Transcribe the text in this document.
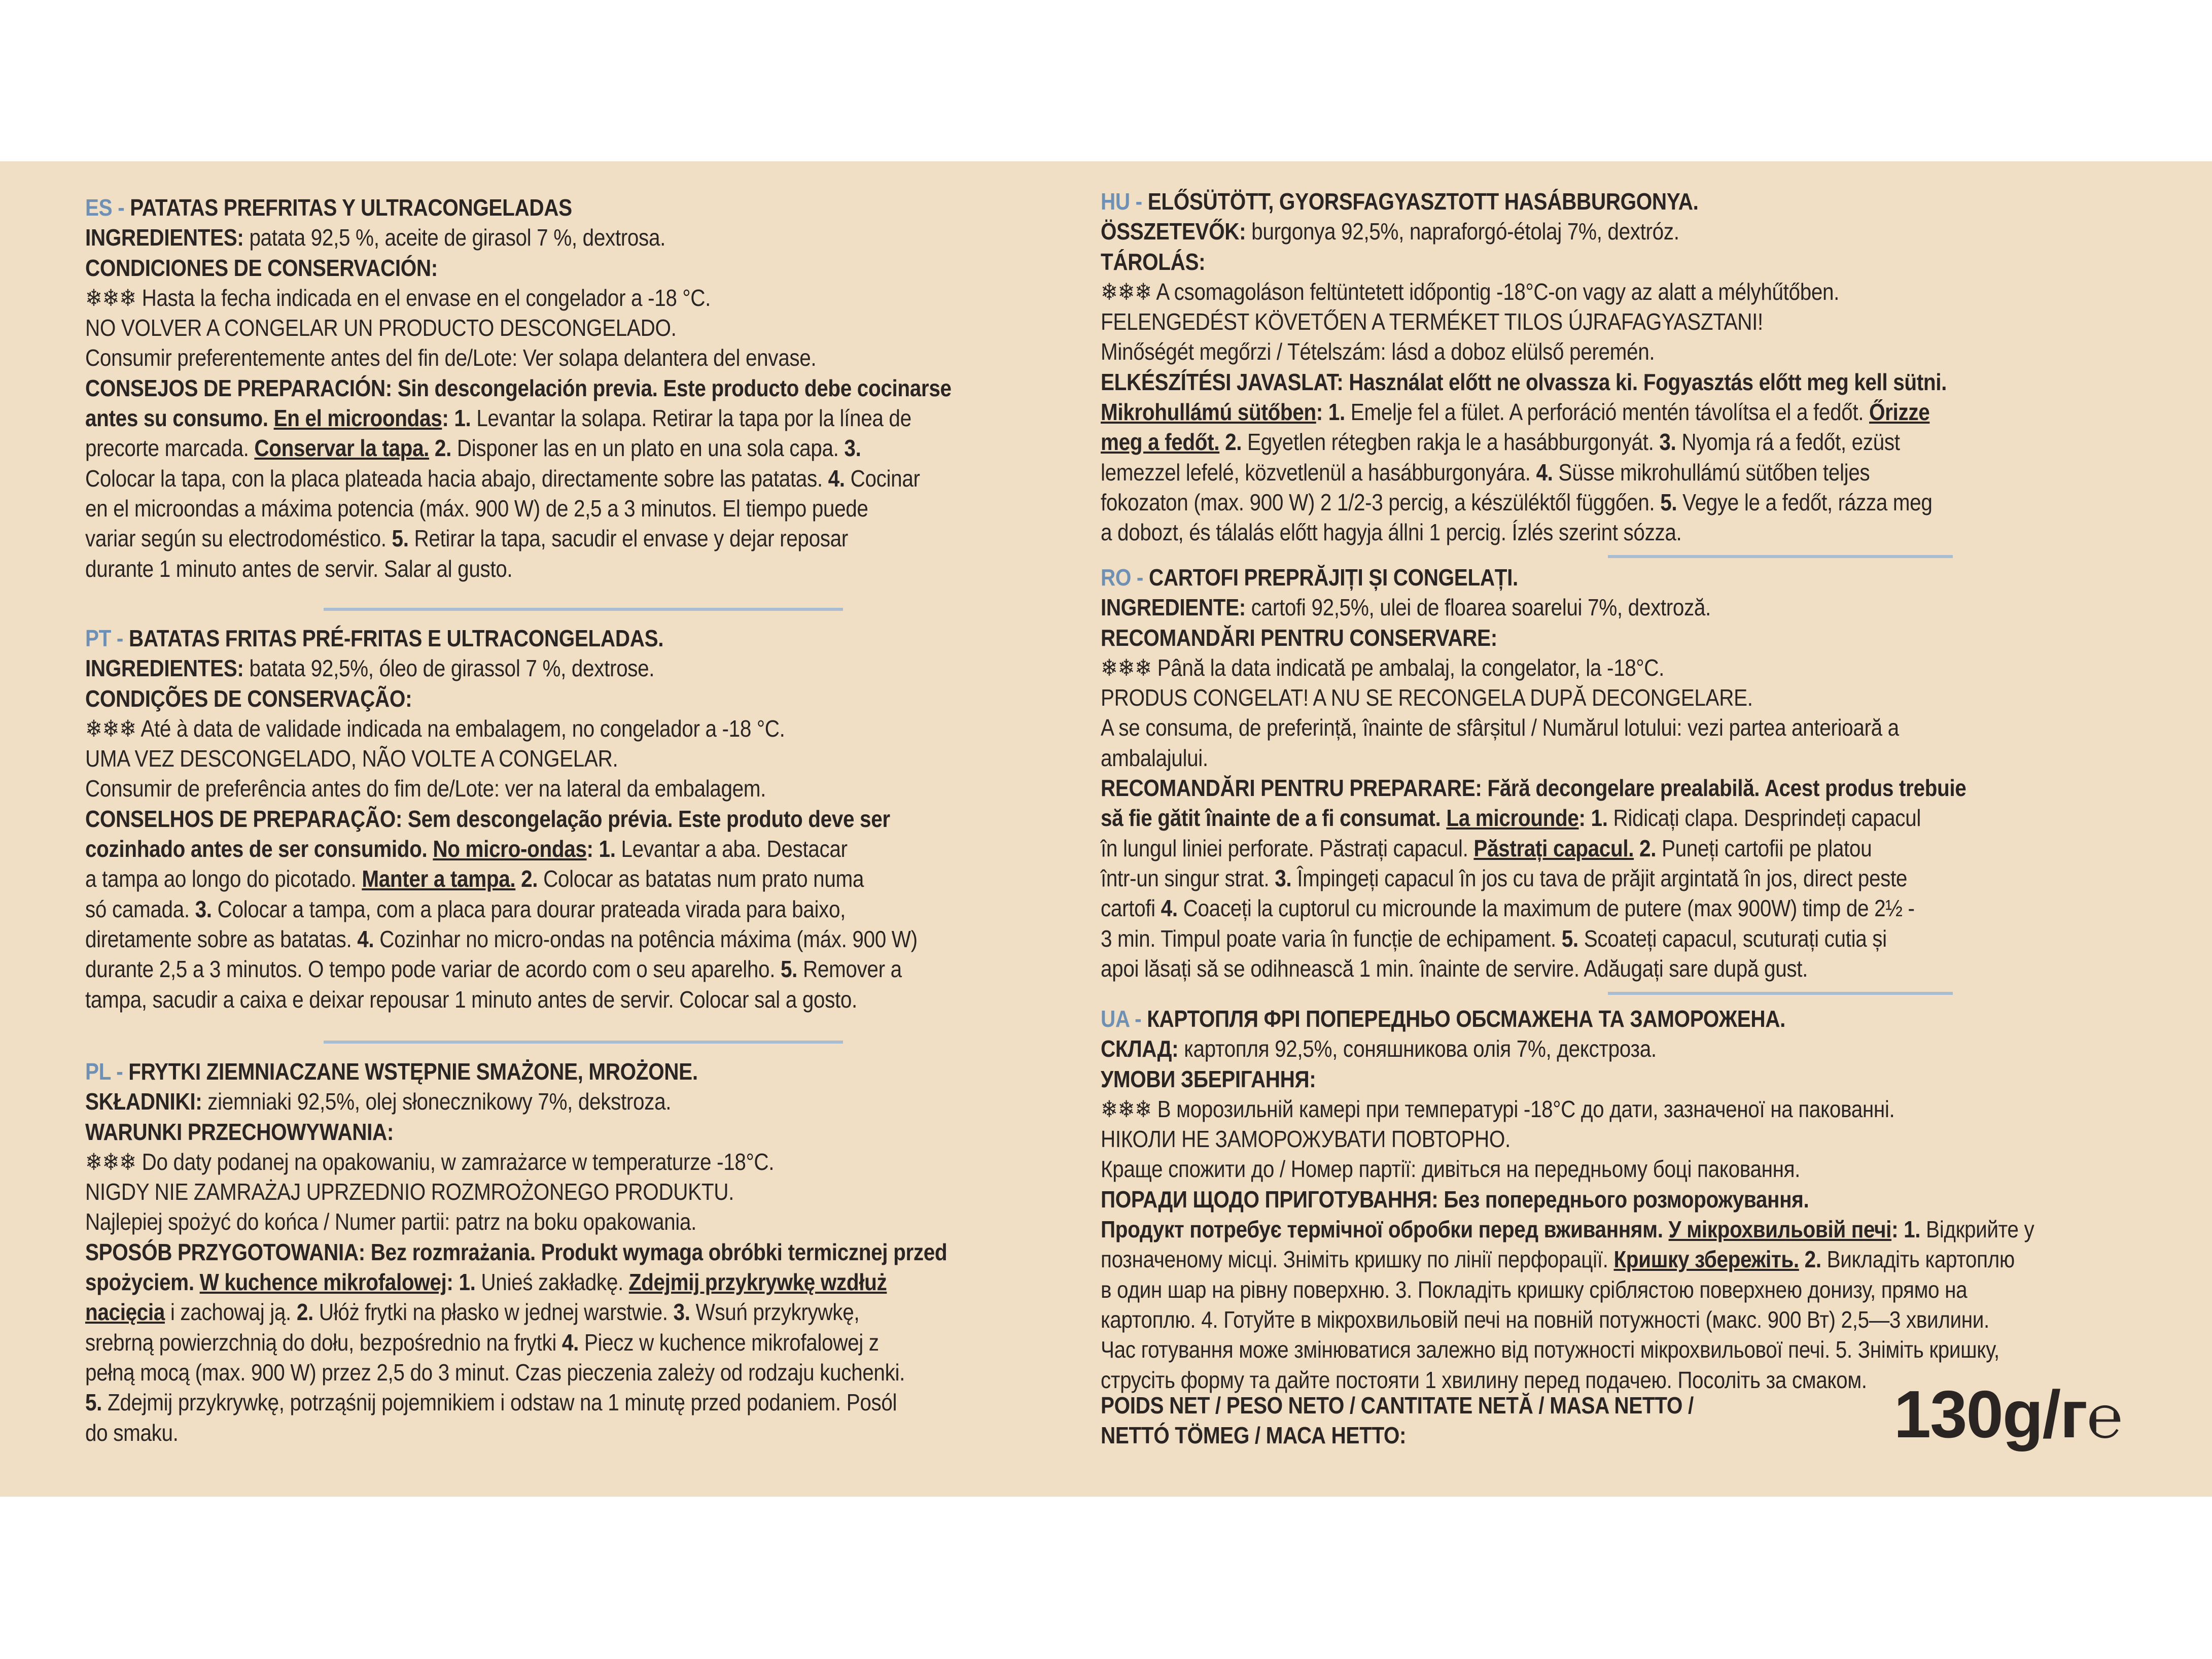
ES - PATATAS PREFRITAS Y ULTRACONGELADAS
INGREDIENTES: patata 92,5 %, aceite de girasol 7 %, dextrosa.
CONDICIONES DE CONSERVACIÓN:
❄❄❄ Hasta la fecha indicada en el envase en el congelador a -18 °C.
NO VOLVER A CONGELAR UN PRODUCTO DESCONGELADO.
Consumir preferentemente antes del fin de/Lote: Ver solapa delantera del envase.
CONSEJOS DE PREPARACIÓN: Sin descongelación previa. Este producto debe cocinarse
antes su consumo. En el microondas: 1. Levantar la solapa. Retirar la tapa por la línea de
precorte marcada. Conservar la tapa. 2. Disponer las en un plato en una sola capa. 3.
Colocar la tapa, con la placa plateada hacia abajo, directamente sobre las patatas. 4. Cocinar
en el microondas a máxima potencia (máx. 900 W) de 2,5 a 3 minutos. El tiempo puede
variar según su electrodoméstico. 5. Retirar la tapa, sacudir el envase y dejar reposar
durante 1 minuto antes de servir. Salar al gusto.
PT - BATATAS FRITAS PRÉ-FRITAS E ULTRACONGELADAS.
INGREDIENTES: batata 92,5%, óleo de girassol 7 %, dextrose.
CONDIÇÕES DE CONSERVAÇÃO:
❄❄❄ Até à data de validade indicada na embalagem, no congelador a -18 °C.
UMA VEZ DESCONGELADO, NÃO VOLTE A CONGELAR.
Consumir de preferência antes do fim de/Lote: ver na lateral da embalagem.
CONSELHOS DE PREPARAÇÃO: Sem descongelação prévia. Este produto deve ser
cozinhado antes de ser consumido. No micro-ondas: 1. Levantar a aba. Destacar
a tampa ao longo do picotado. Manter a tampa. 2. Colocar as batatas num prato numa
só camada. 3. Colocar a tampa, com a placa para dourar prateada virada para baixo,
diretamente sobre as batatas. 4. Cozinhar no micro-ondas na potência máxima (máx. 900 W)
durante 2,5 a 3 minutos. O tempo pode variar de acordo com o seu aparelho. 5. Remover a
tampa, sacudir a caixa e deixar repousar 1 minuto antes de servir. Colocar sal a gosto.
PL - FRYTKI ZIEMNIACZANE WSTĘPNIE SMAŻONE, MROŻONE.
SKŁADNIKI: ziemniaki 92,5%, olej słonecznikowy 7%, dekstroza.
WARUNKI PRZECHOWYWANIA:
❄❄❄ Do daty podanej na opakowaniu, w zamrażarce w temperaturze -18°C.
NIGDY NIE ZAMRAŻAJ UPRZEDNIO ROZMROŻONEGO PRODUKTU.
Najlepiej spożyć do końca / Numer partii: patrz na boku opakowania.
SPOSÓB PRZYGOTOWANIA: Bez rozmrażania. Produkt wymaga obróbki termicznej przed
spożyciem. W kuchence mikrofalowej: 1. Unieś zakładkę. Zdejmij przykrywkę wzdłuż
nacięcia i zachowaj ją. 2. Ułóż frytki na płasko w jednej warstwie. 3. Wsuń przykrywkę,
srebrną powierzchnią do dołu, bezpośrednio na frytki 4. Piecz w kuchence mikrofalowej z
pełną mocą (max. 900 W) przez 2,5 do 3 minut. Czas pieczenia zależy od rodzaju kuchenki.
5. Zdejmij przykrywkę, potrząśnij pojemnikiem i odstaw na 1 minutę przed podaniem. Posól
do smaku.
HU - ELŐSÜTÖTT, GYORSFAGYASZTOTT HASÁBBURGONYA.
ÖSSZETEVŐK: burgonya 92,5%, napraforgó-étolaj 7%, dextróz.
TÁROLÁS:
❄❄❄ A csomagoláson feltüntetett időpontig -18°C-on vagy az alatt a mélyhűtőben.
FELENGEDÉST KÖVETŐEN A TERMÉKET TILOS ÚJRAFAGYASZTANI!
Minőségét megőrzi / Tételszám: lásd a doboz elülső peremén.
ELKÉSZÍTÉSI JAVASLAT: Használat előtt ne olvassza ki. Fogyasztás előtt meg kell sütni.
Mikrohullámú sütőben: 1. Emelje fel a fület. A perforáció mentén távolítsa el a fedőt. Őrizze
meg a fedőt. 2. Egyetlen rétegben rakja le a hasábburgonyát. 3. Nyomja rá a fedőt, ezüst
lemezzel lefelé, közvetlenül a hasábburgonyára. 4. Süsse mikrohullámú sütőben teljes
fokozaton (max. 900 W) 2 1/2-3 percig, a készüléktől függően. 5. Vegye le a fedőt, rázza meg
a dobozt, és tálalás előtt hagyja állni 1 percig. Ízlés szerint sózza.
RO - CARTOFI PREPRĂJIȚI ȘI CONGELAȚI.
INGREDIENTE: cartofi 92,5%, ulei de floarea soarelui 7%, dextroză.
RECOMANDĂRI PENTRU CONSERVARE:
❄❄❄ Până la data indicată pe ambalaj, la congelator, la -18°C.
PRODUS CONGELAT! A NU SE RECONGELA DUPĂ DECONGELARE.
A se consuma, de preferință, înainte de sfârșitul / Numărul lotului: vezi partea anterioară a
ambalajului.
RECOMANDĂRI PENTRU PREPARARE: Fără decongelare prealabilă. Acest produs trebuie
să fie gătit înainte de a fi consumat. La microunde: 1. Ridicați clapa. Desprindeți capacul
în lungul liniei perforate. Păstrați capacul. Păstrați capacul. 2. Puneți cartofii pe platou
într-un singur strat. 3. Împingeți capacul în jos cu tava de prăjit argintată în jos, direct peste
cartofi 4. Coaceți la cuptorul cu microunde la maximum de putere (max 900W) timp de 2½ -
3 min. Timpul poate varia în funcție de echipament. 5. Scoateți capacul, scuturați cutia și
apoi lăsați să se odihnească 1 min. înainte de servire. Adăugați sare după gust.
UA - КАРТОПЛЯ ФРІ ПОПЕРЕДНЬО ОБСМАЖЕНА ТА ЗАМОРОЖЕНА.
СКЛАД: картопля 92,5%, соняшникова олія 7%, декстроза.
УМОВИ ЗБЕРІГАННЯ:
❄❄❄ В морозильній камері при температурі -18°С до дати, зазначеної на пакованні.
НІКОЛИ НЕ ЗАМОРОЖУВАТИ ПОВТОРНО.
Краще спожити до / Номер партії: дивіться на передньому боці паковання.
ПОРАДИ ЩОДО ПРИГОТУВАННЯ: Без попереднього розморожування.
Продукт потребує термічної обробки перед вживанням. У мікрохвильовій печі: 1. Відкрийте у
позначеному місці. Зніміть кришку по лінії перфорації. Кришку збережіть. 2. Викладіть картоплю
в один шар на рівну поверхню. 3. Покладіть кришку сріблястою поверхнею донизу, прямо на
картоплю. 4. Готуйте в мікрохвильовій печі на повній потужності (макс. 900 Вт) 2,5—3 хвилини.
Час готування може змінюватися залежно від потужності мікрохвильової печі. 5. Зніміть кришку,
струсіть форму та дайте постояти 1 хвилину перед подачею. Посоліть за смаком.
POIDS NET / PESO NETO / CANTITATE NETĂ / MASA NETTO /
NETTÓ TÖMEG / МАСА НЕТТО:	130g/г℮
